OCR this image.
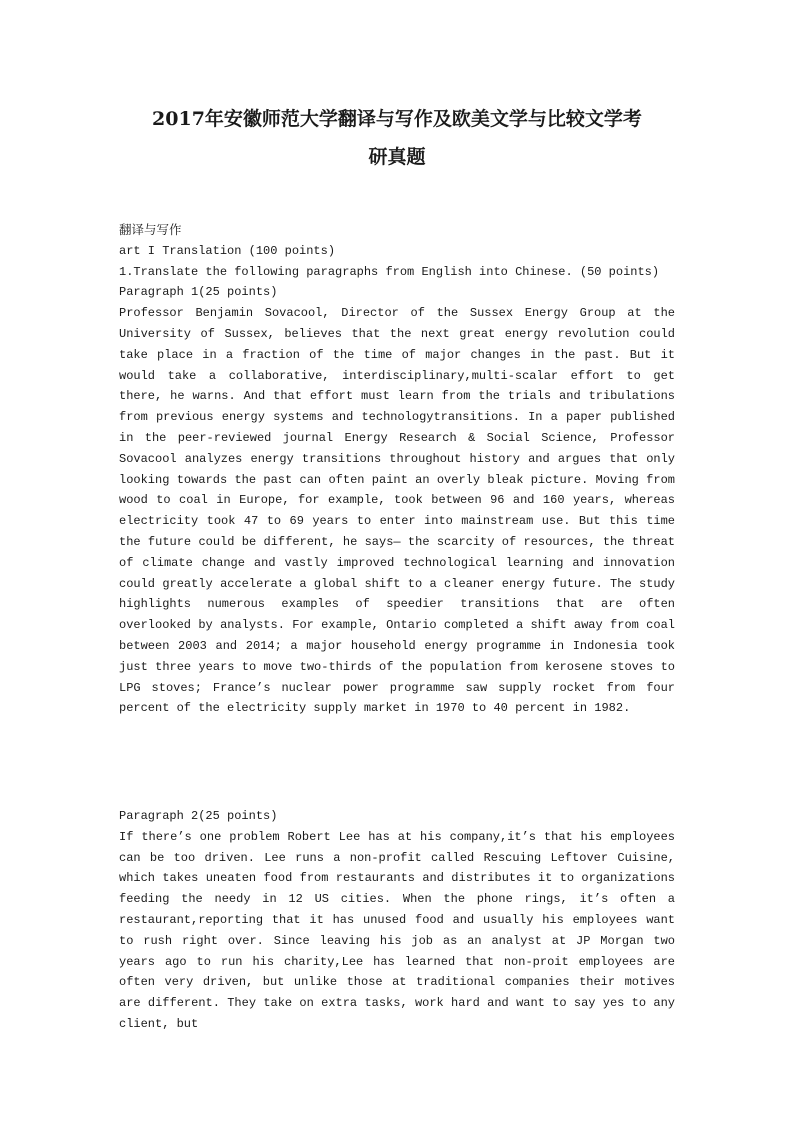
2017年安徽师范大学翻译与写作及欧美文学与比较文学考
研真题
翻译与写作
art I Translation (100 points)
1.Translate the following paragraphs from English into Chinese. (50 points)
Paragraph 1(25 points)

Professor Benjamin Sovacool, Director of the Sussex Energy Group at the University of Sussex, believes that the next great energy revolution could take place in a fraction of the time of major changes in the past. But it would take a collaborative, interdisciplinary,multi-scalar effort to get there, he warns. And that effort must learn from the trials and tribulations from previous energy systems and technologytransitions. In a paper published in the peer-reviewed journal Energy Research & Social Science, Professor Sovacool analyzes energy transitions throughout history and argues that only looking towards the past can often paint an overly bleak picture. Moving from wood to coal in Europe, for example, took between 96 and 160 years, whereas electricity took 47 to 69 years to enter into mainstream use. But this time the future could be different, he says— the scarcity of resources, the threat of climate change and vastly improved technological learning and innovation could greatly accelerate a global shift to a cleaner energy future. The study highlights numerous examples of speedier transitions that are often overlooked by analysts. For example, Ontario completed a shift away from coal between 2003 and 2014; a major household energy programme in Indonesia took just three years to move two-thirds of the population from kerosene stoves to LPG stoves; France’s nuclear power programme saw supply rocket from four percent of the electricity supply market in 1970 to 40 percent in 1982.

Paragraph 2(25 points)

If there’s one problem Robert Lee has at his company,it’s that his employees can be too driven. Lee runs a non-profit called Rescuing Leftover Cuisine, which takes uneaten food from restaurants and distributes it to organizations feeding the needy in 12 US cities. When the phone rings, it’s often a restaurant,reporting that it has unused food and usually his employees want to rush right over. Since leaving his job as an analyst at JP Morgan two years ago to run his charity,Lee has learned that non-proit employees are often very driven, but unlike those at traditional companies their motives are different. They take on extra tasks, work hard and want to say yes to any client, but
